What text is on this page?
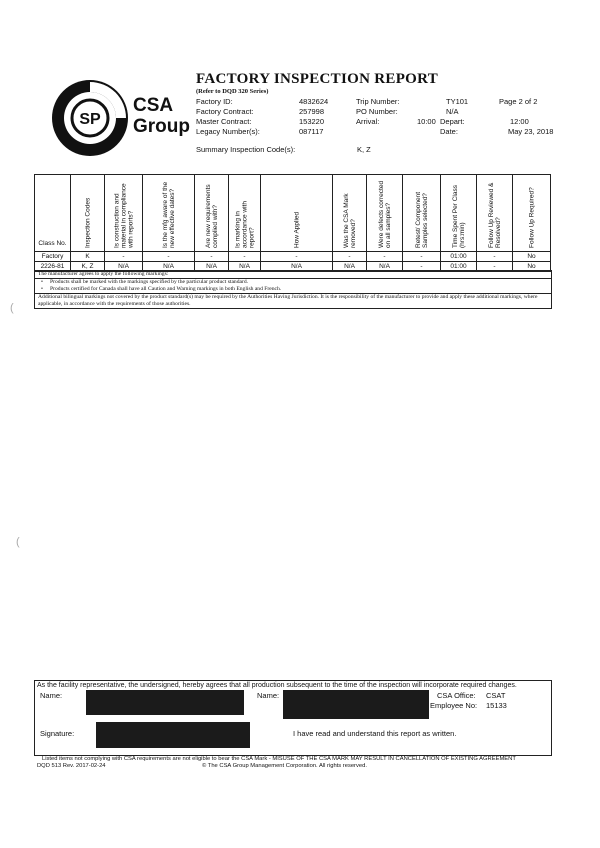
SP
CSA
Group
FACTORY INSPECTION REPORT
(Refer to DQD 320 Series)
Factory ID:	4832624
Factory Contract:	257998
Master Contract:	153220
Legacy Number(s):	087117
Trip Number:	TY101	Page 2 of 2
PO Number:	N/A
Arrival:	10:00 Depart:	12:00
Date:	May 23, 2018
Summary Inspection Code(s):	K, Z
Class No.	Inspection Codes	Is construction and material in compliance with reports?	Is the mfg aware of the new effective dates?	Are new requirements complied with?	Is marking in accordance with report?	How Applied	Was the CSA Mark removed?	Were defects corrected on all samples?	Retest/ Component Samples selected?	Time Spent Per Class (hrs:min)	Follow Up Reviewed & Resolved?	Follow Up Required?

Factory	K	-	-	-	-	-	-	-	-	01:00	-	No
2226-81	K, Z	N/A	N/A	N/A	N/A	N/A	N/A	N/A	-	01:00	-	No
The manufacturer agrees to apply the following markings:
• Products shall be marked with the markings specified by the particular product standard.
• Products certified for Canada shall have all Caution and Warning markings in both English and French.
Additional bilingual markings not covered by the product standard(s) may be required by the Authorities Having Jurisdiction. It is the responsibility of the manufacturer to provide and apply these additional markings, where applicable, in accordance with the requirements of those authorities.
(
(
As the facility representative, the undersigned, hereby agrees that all production subsequent to the time of the inspection will incorporate required changes.
Name:	Name:	CSA Office: CSAT
Employee No: 15133
Signature:	I have read and understand this report as written.
Listed items not complying with CSA requirements are not eligible to bear the CSA Mark - MISUSE OF THE CSA MARK MAY RESULT IN CANCELLATION OF EXISTING AGREEMENT
DQD 513 Rev. 2017-02-24	© The CSA Group Management Corporation. All rights reserved.
